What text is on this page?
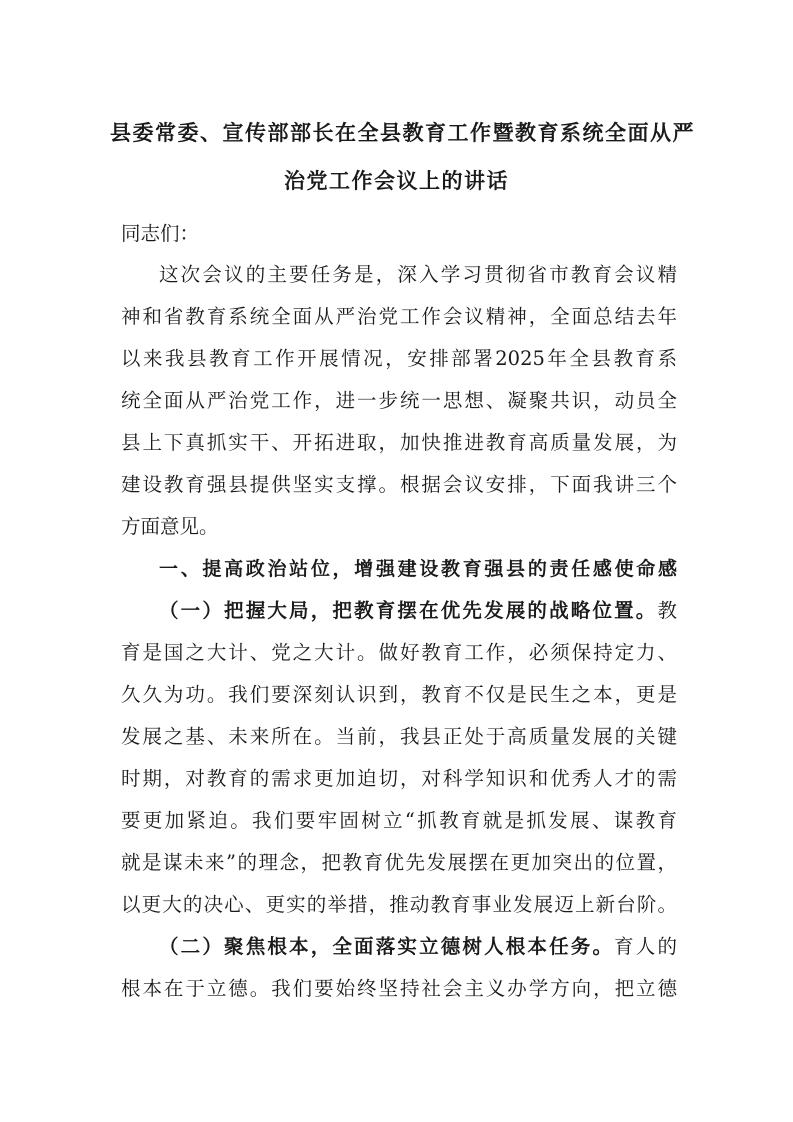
县委常委、宣传部部长在全县教育工作暨教育系统全面从严
治党工作会议上的讲话
同志们：
这次会议的主要任务是，深入学习贯彻省市教育会议精
神和省教育系统全面从严治党工作会议精神，全面总结去年
以来我县教育工作开展情况，安排部署2025年全县教育系
统全面从严治党工作，进一步统一思想、凝聚共识，动员全
县上下真抓实干、开拓进取，加快推进教育高质量发展，为
建设教育强县提供坚实支撑。根据会议安排，下面我讲三个
方面意见。
一、提高政治站位，增强建设教育强县的责任感使命感
（一）把握大局，把教育摆在优先发展的战略位置。教
育是国之大计、党之大计。做好教育工作，必须保持定力、
久久为功。我们要深刻认识到，教育不仅是民生之本，更是
发展之基、未来所在。当前，我县正处于高质量发展的关键
时期，对教育的需求更加迫切，对科学知识和优秀人才的需
要更加紧迫。我们要牢固树立“抓教育就是抓发展、谋教育
就是谋未来”的理念，把教育优先发展摆在更加突出的位置，
以更大的决心、更实的举措，推动教育事业发展迈上新台阶。
（二）聚焦根本，全面落实立德树人根本任务。育人的
根本在于立德。我们要始终坚持社会主义办学方向，把立德
